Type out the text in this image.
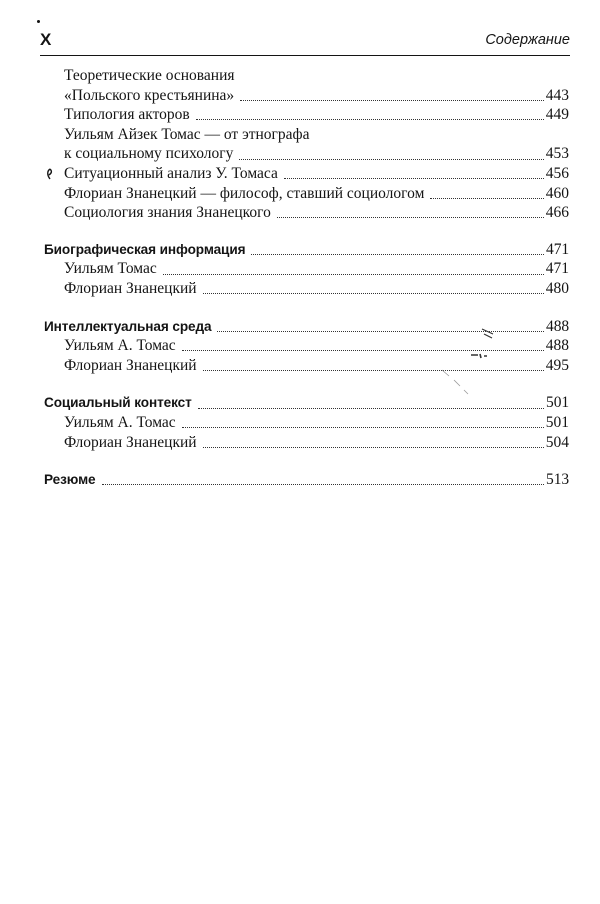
X	Содержание
Теоретические основания
«Польского крестьянина»	443
Типология акторов	449
Уильям Айзек Томас — от этнографа
к социальному психологу	453
Ситуационный анализ У. Томаса	456
Флориан Знанецкий — философ, ставший социологом	460
Социология знания Знанецкого	466
Биографическая информация	471
Уильям Томас	471
Флориан Знанецкий	480
Интеллектуальная среда	488
Уильям А. Томас	488
Флориан Знанецкий	495
Социальный контекст	501
Уильям А. Томас	501
Флориан Знанецкий	504
Резюме	513
